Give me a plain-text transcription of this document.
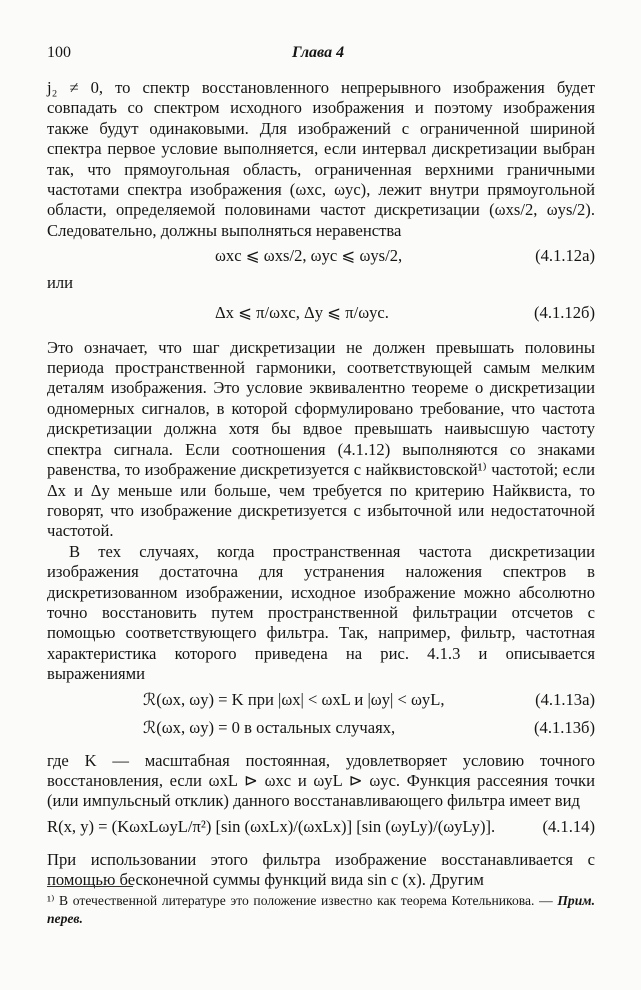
100	Глава 4

j₂ ≠ 0, то спектр восстановленного непрерывного изображения будет совпадать со спектром исходного изображения и поэтому изображения также будут одинаковыми. Для изображений с ограниченной шириной спектра первое условие выполняется, если интервал дискретизации выбран так, что прямоугольная область, ограниченная верхними граничными частотами спектра изображения (ωxc, ωyc), лежит внутри прямоугольной области, определяемой половинами частот дискретизации (ωxs/2, ωys/2). Следовательно, должны выполняться неравенства

ωxc ⩽ ωxs/2, ωyc ⩽ ωys/2,	(4.1.12а)
или
Δx ⩽ π/ωxc, Δy ⩽ π/ωyc.	(4.1.12б)

Это означает, что шаг дискретизации не должен превышать половины периода пространственной гармоники, соответствующей самым мелким деталям изображения. Это условие эквивалентно теореме о дискретизации одномерных сигналов, в которой сформулировано требование, что частота дискретизации должна хотя бы вдвое превышать наивысшую частоту спектра сигнала. Если соотношения (4.1.12) выполняются со знаками равенства, то изображение дискретизуется с найквистовской¹⁾ частотой; если Δx и Δy меньше или больше, чем требуется по критерию Найквиста, то говорят, что изображение дискретизуется с избыточной или недостаточной частотой.

В тех случаях, когда пространственная частота дискретизации изображения достаточна для устранения наложения спектров в дискретизованном изображении, исходное изображение можно абсолютно точно восстановить путем пространственной фильтрации отсчетов с помощью соответствующего фильтра. Так, например, фильтр, частотная характеристика которого приведена на рис. 4.1.3 и описывается выражениями

ℛ(ωx, ωy) = K при |ωx| < ωxL и |ωy| < ωyL,	(4.1.13а)
ℛ(ωx, ωy) = 0 в остальных случаях,	(4.1.13б)

где K — масштабная постоянная, удовлетворяет условию точного восстановления, если ωxL ⊳ ωxc и ωyL ⊳ ωyc. Функция рассеяния точки (или импульсный отклик) данного восстанавливающего фильтра имеет вид

R(x, y) = (KωxLωyL/π²) [sin (ωxLx)/(ωxLx)] [sin (ωyLy)/(ωyLy)].	(4.1.14)

При использовании этого фильтра изображение восстанавливается с помощью бесконечной суммы функций вида sin c (x). Другим

¹⁾ В отечественной литературе это положение известно как теорема Котельникова. — Прим. перев.
